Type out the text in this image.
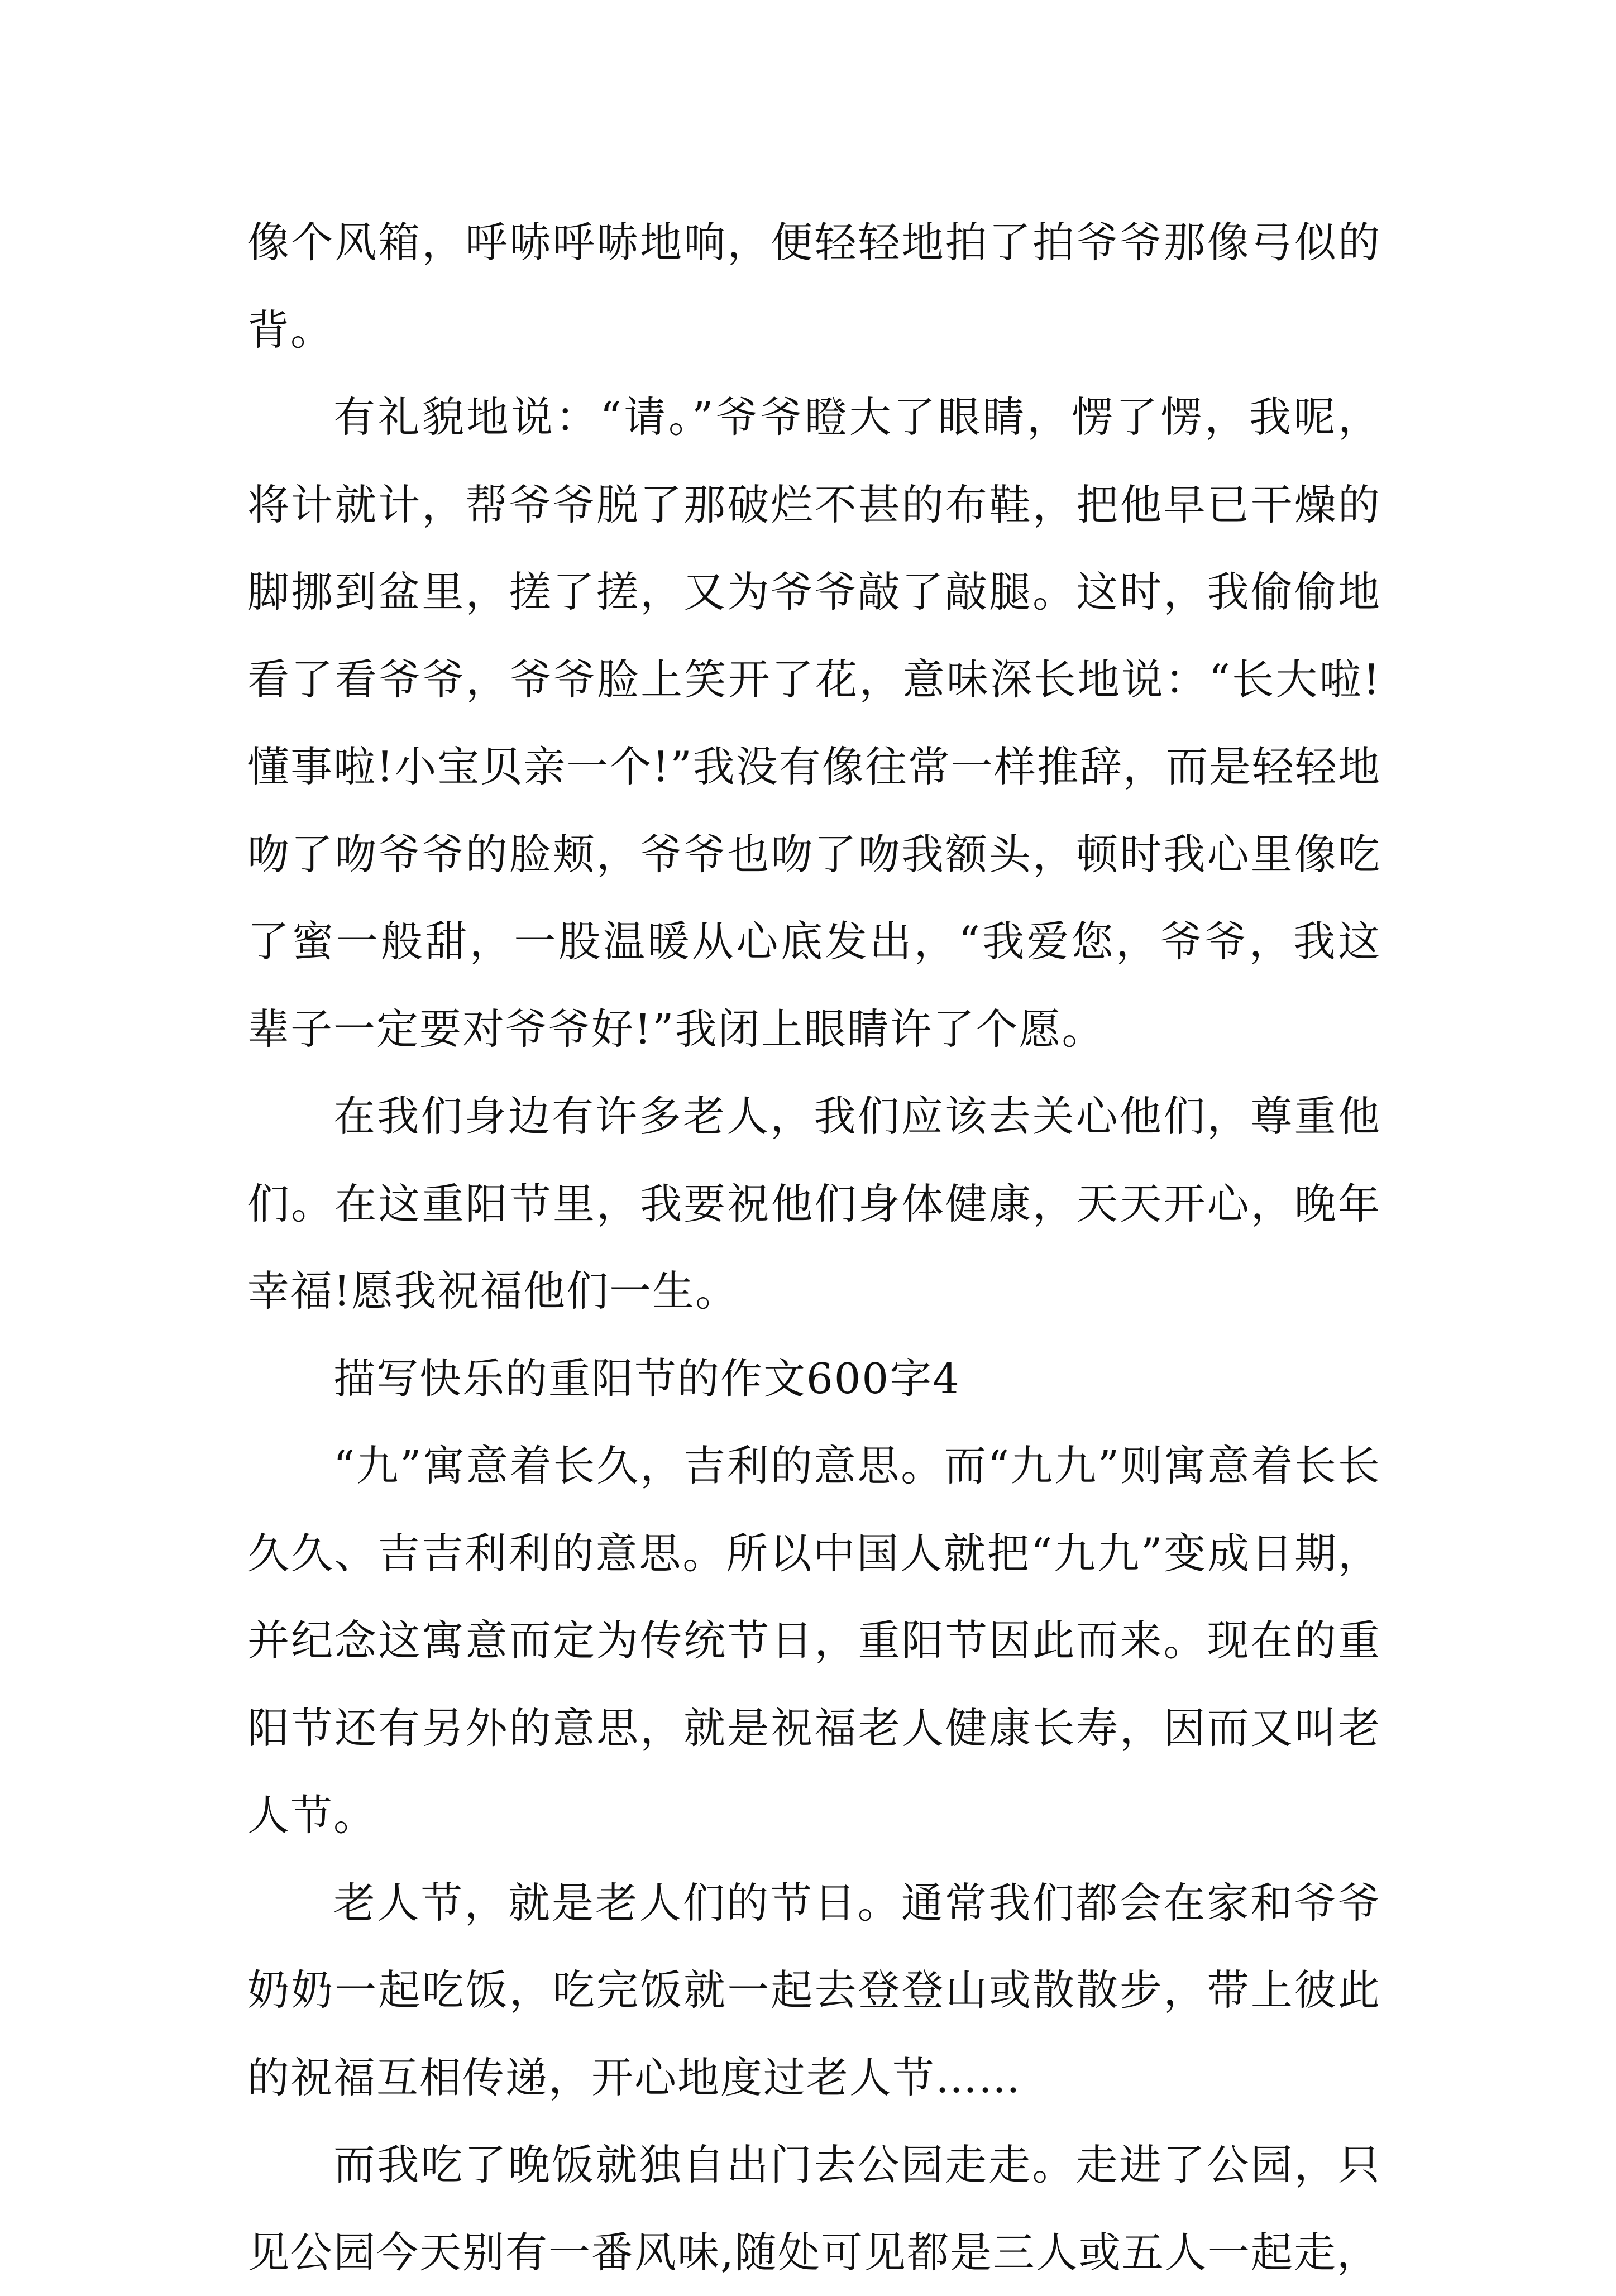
像个风箱，呼哧呼哧地响，便轻轻地拍了拍爷爷那像弓似的背。

有礼貌地说：“请。”爷爷瞪大了眼睛，愣了愣，我呢，将计就计，帮爷爷脱了那破烂不甚的布鞋，把他早已干燥的脚挪到盆里，搓了搓，又为爷爷敲了敲腿。这时，我偷偷地看了看爷爷，爷爷脸上笑开了花，意味深长地说：“长大啦!懂事啦!小宝贝亲一个!”我没有像往常一样推辞，而是轻轻地吻了吻爷爷的脸颊，爷爷也吻了吻我额头，顿时我心里像吃了蜜一般甜，一股温暖从心底发出，“我爱您，爷爷，我这辈子一定要对爷爷好!”我闭上眼睛许了个愿。

在我们身边有许多老人，我们应该去关心他们，尊重他们。在这重阳节里，我要祝他们身体健康，天天开心，晚年幸福!愿我祝福他们一生。

描写快乐的重阳节的作文600字4

“九”寓意着长久，吉利的意思。而“九九”则寓意着长长久久、吉吉利利的意思。所以中国人就把“九九”变成日期，并纪念这寓意而定为传统节日，重阳节因此而来。现在的重阳节还有另外的意思，就是祝福老人健康长寿，因而又叫老人节。

老人节，就是老人们的节日。通常我们都会在家和爷爷奶奶一起吃饭，吃完饭就一起去登登山或散散步，带上彼此的祝福互相传递，开心地度过老人节……

而我吃了晚饭就独自出门去公园走走。走进了公园，只见公园今天别有一番风味,随处可见都是三人或五人一起走，
